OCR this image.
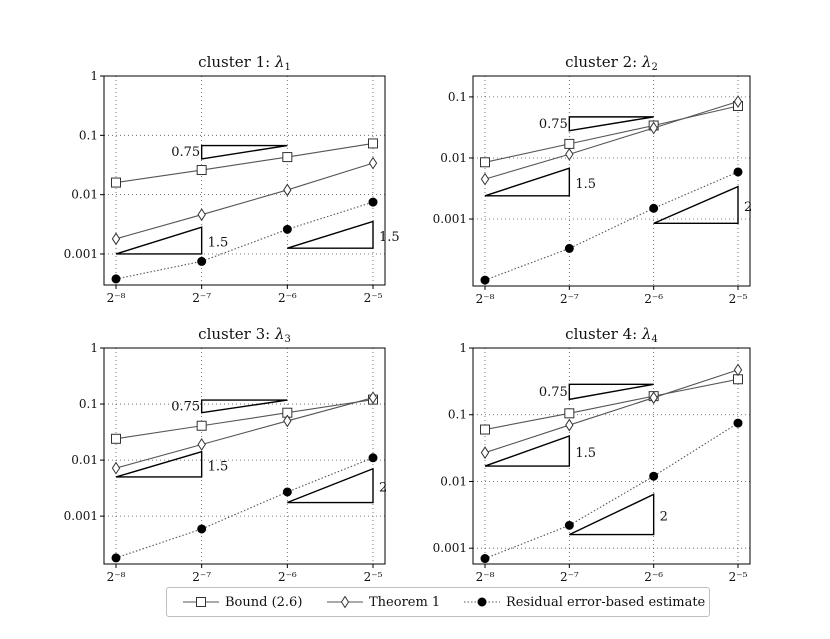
cluster 1: $\lambda_1$
1
0.1
0.01
0.001
2⁻⁸	2⁻⁷	2⁻⁶	2⁻⁵
0.75
1.5	1.5
cluster 2: $\lambda_2$
0.1
0.01
0.001
2⁻⁸	2⁻⁷	2⁻⁶	2⁻⁵
0.75
1.5
2
cluster 3: $\lambda_3$
1
0.1
0.01
0.001
2⁻⁸	2⁻⁷	2⁻⁶	2⁻⁵
0.75
1.5
2
cluster 4: $\lambda_4$
1
0.1
0.01
0.001
2⁻⁸	2⁻⁷	2⁻⁶	2⁻⁵
0.75
1.5
2
Bound (2.6)	Theorem 1	Residual error-based estimate
